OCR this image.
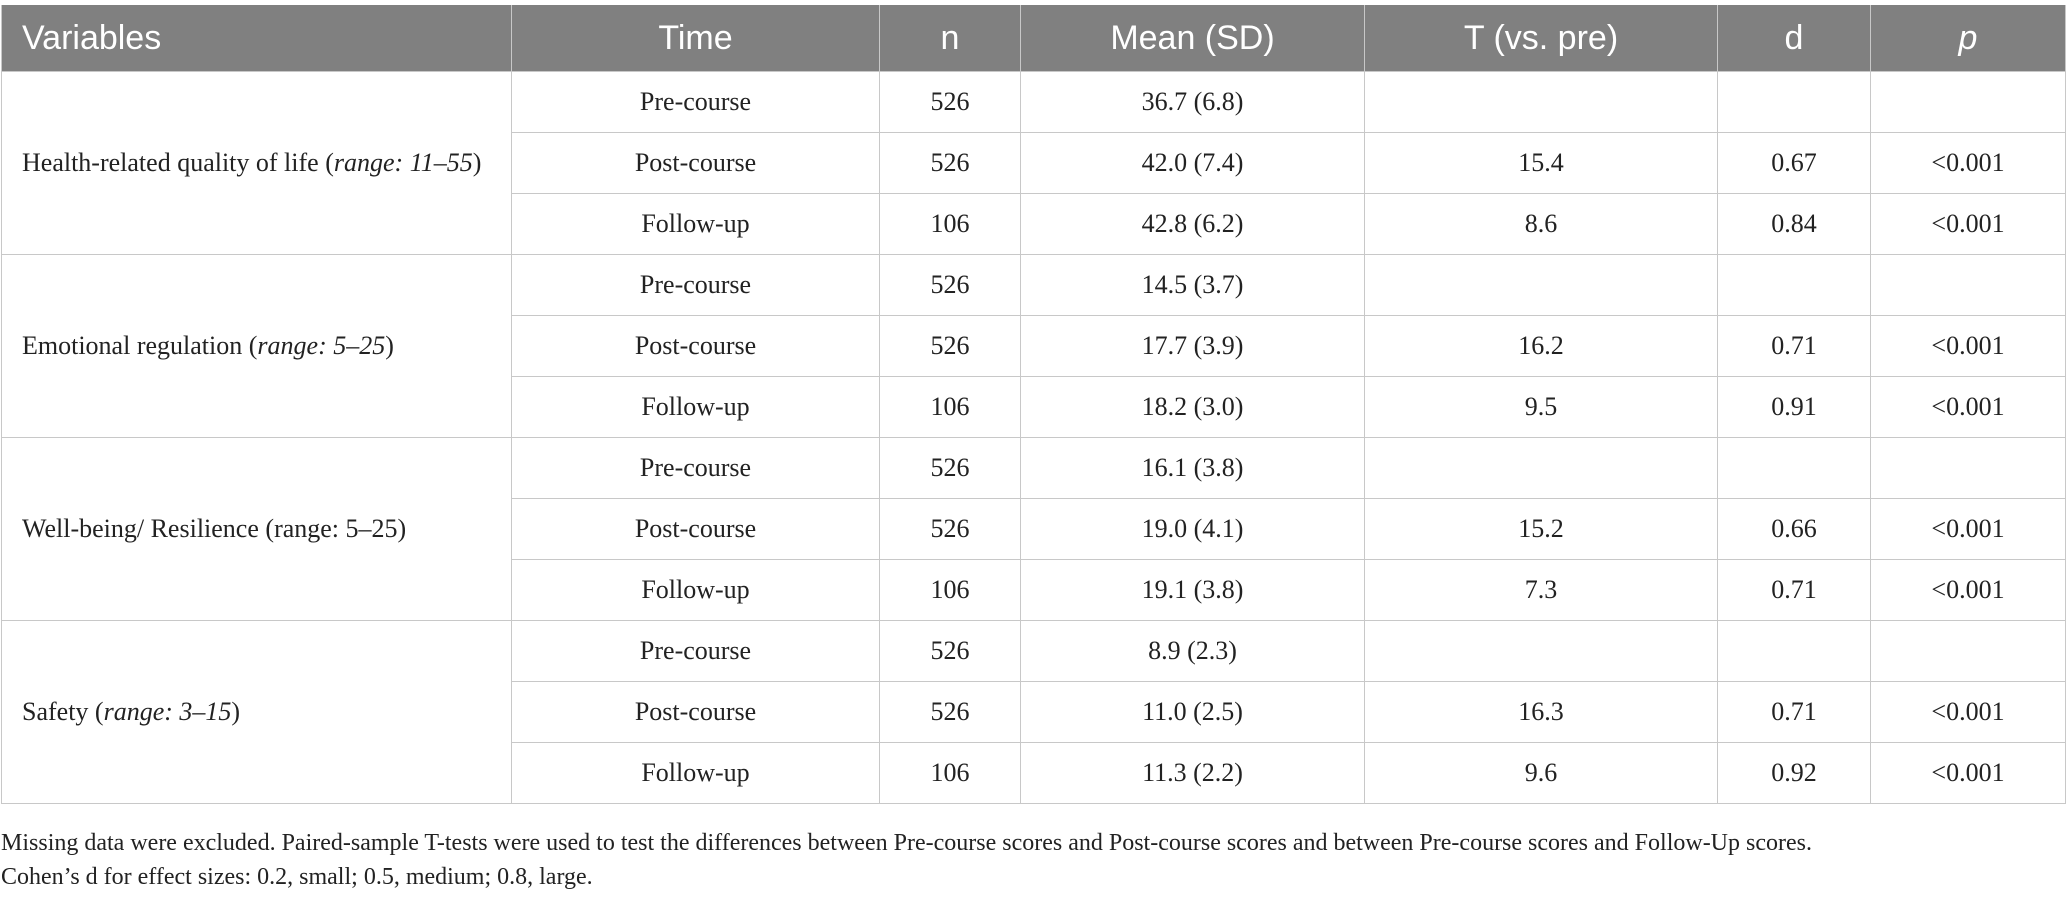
Variables	Time	n	Mean (SD)	T (vs. pre)	d	p
Health-related quality of life (range: 11–55)	Pre-course	526	36.7 (6.8)			
	Post-course	526	42.0 (7.4)	15.4	0.67	<0.001
	Follow-up	106	42.8 (6.2)	8.6	0.84	<0.001
Emotional regulation (range: 5–25)	Pre-course	526	14.5 (3.7)			
	Post-course	526	17.7 (3.9)	16.2	0.71	<0.001
	Follow-up	106	18.2 (3.0)	9.5	0.91	<0.001
Well-being/ Resilience (range: 5–25)	Pre-course	526	16.1 (3.8)			
	Post-course	526	19.0 (4.1)	15.2	0.66	<0.001
	Follow-up	106	19.1 (3.8)	7.3	0.71	<0.001
Safety (range: 3–15)	Pre-course	526	8.9 (2.3)			
	Post-course	526	11.0 (2.5)	16.3	0.71	<0.001
	Follow-up	106	11.3 (2.2)	9.6	0.92	<0.001

Missing data were excluded. Paired-sample T-tests were used to test the differences between Pre-course scores and Post-course scores and between Pre-course scores and Follow-Up scores.

Cohen’s d for effect sizes: 0.2, small; 0.5, medium; 0.8, large.
